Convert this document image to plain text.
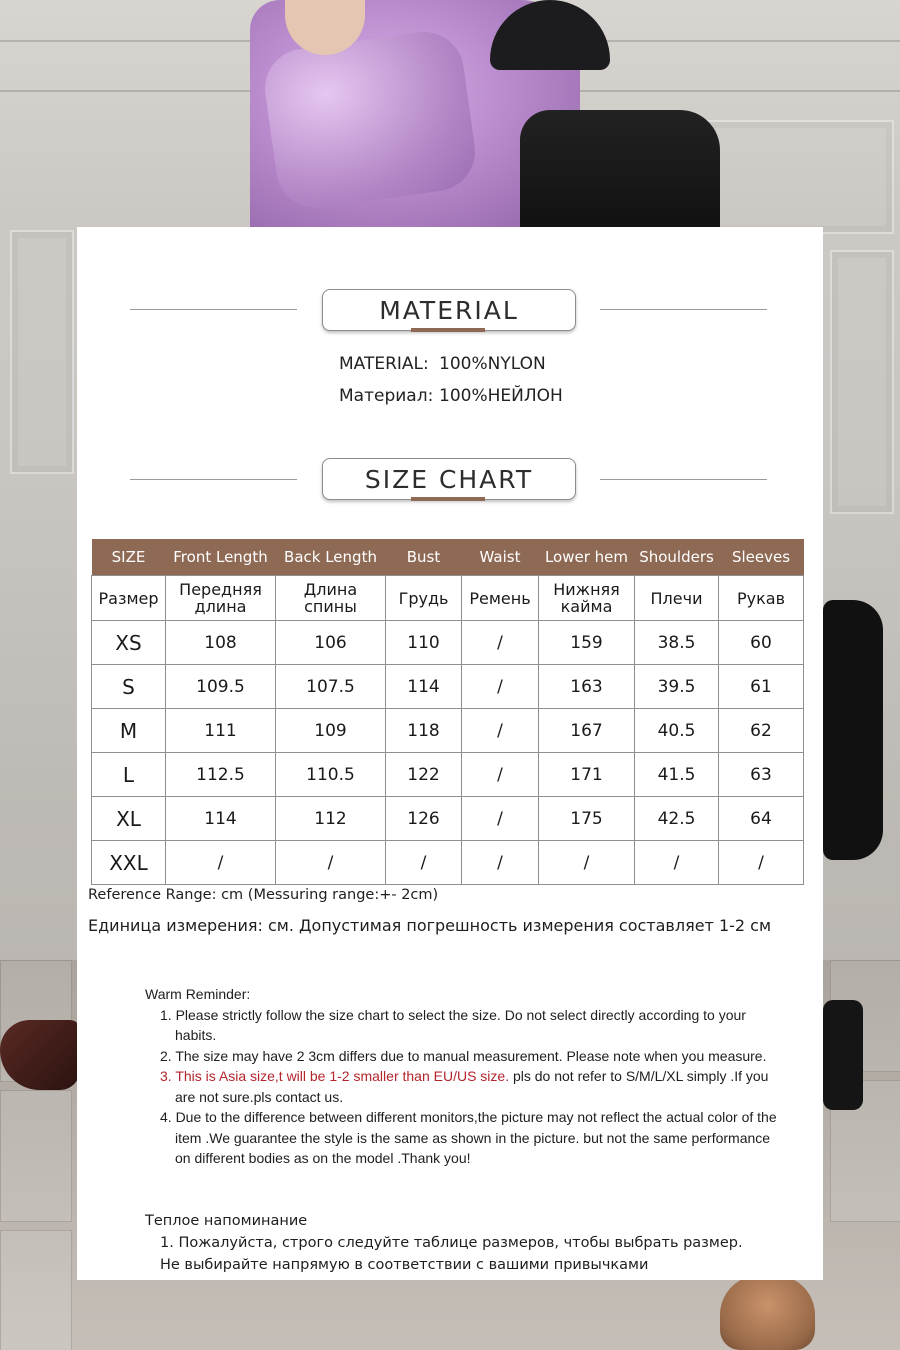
MATERIAL
MATERIAL: 100%NYLON
Материал: 100%НЕЙЛОН
SIZE CHART
SIZE	Front Length	Back Length	Bust	Waist	Lower hem	Shoulders	Sleeves
Размер	Передняя длина	Длина спины	Грудь	Ремень	Нижняя кайма	Плечи	Рукав
XS	108	106	110	/	159	38.5	60
S	109.5	107.5	114	/	163	39.5	61
M	111	109	118	/	167	40.5	62
L	112.5	110.5	122	/	171	41.5	63
XL	114	112	126	/	175	42.5	64
XXL	/	/	/	/	/	/	/
Reference Range: cm (Messuring range:+- 2cm)
Единица измерения: см. Допустимая погрешность измерения составляет 1-2 см
Warm Reminder:
1. Please strictly follow the size chart to select the size. Do not select directly according to your habits.
2. The size may have 2 3cm differs due to manual measurement. Please note when you measure.
3. This is Asia size,t will be 1-2 smaller than EU/US size. pls do not refer to S/M/L/XL simply .If you are not sure.pls contact us.
4. Due to the difference between different monitors,the picture may not reflect the actual color of the item .We guarantee the style is the same as shown in the picture. but not the same performance on different bodies as on the model .Thank you!
Теплое напоминание
1. Пожалуйста, строго следуйте таблице размеров, чтобы выбрать размер.
Не выбирайте напрямую в соответствии с вашими привычками
